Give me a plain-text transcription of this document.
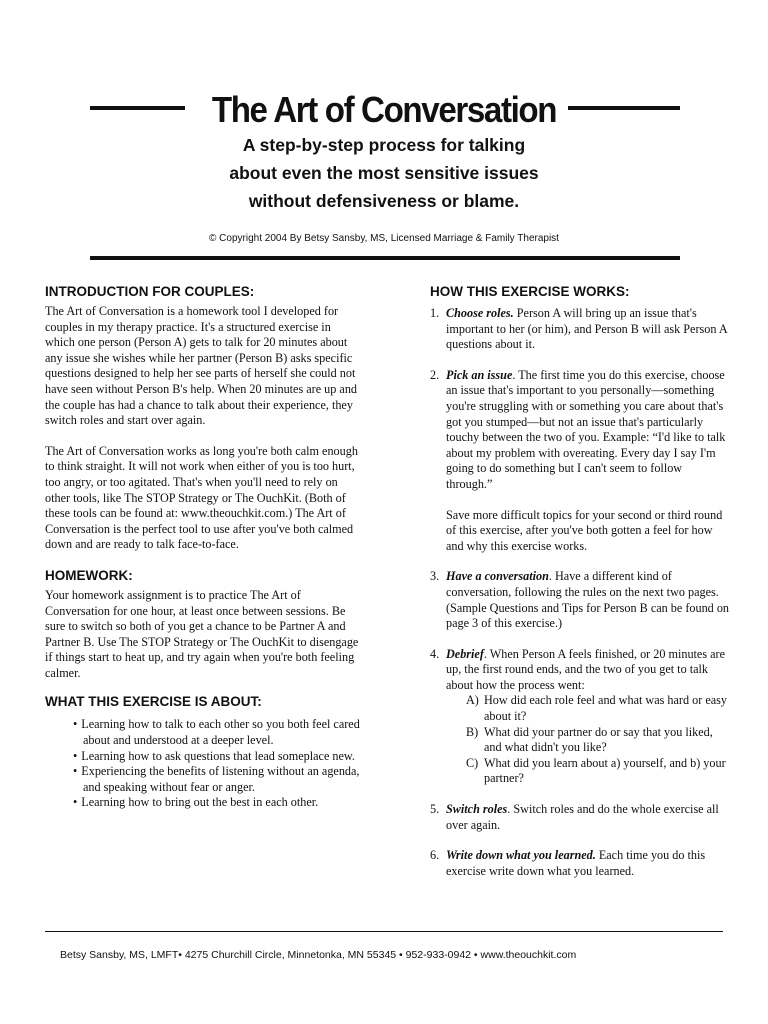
The Art of Conversation
A step-by-step process for talking
about even the most sensitive issues
without defensiveness or blame.
© Copyright 2004 By Betsy Sansby, MS, Licensed Marriage & Family Therapist
INTRODUCTION FOR COUPLES:

The Art of Conversation is a homework tool I developed for couples in my therapy practice. It's a structured exercise in which one person (Person A) gets to talk for 20 minutes about any issue she wishes while her partner (Person B) asks specific questions designed to help her see parts of herself she could not have seen without Person B's help. When 20 minutes are up and the couple has had a chance to talk about their experience, they switch roles and start over again.

The Art of Conversation works as long you're both calm enough to think straight. It will not work when either of you is too hurt, too angry, or too agitated. That's when you'll need to rely on other tools, like The STOP Strategy or The OuchKit. (Both of these tools can be found at: www.theouchkit.com.) The Art of Conversation is the perfect tool to use after you've both calmed down and are ready to talk face-to-face.

HOMEWORK:

Your homework assignment is to practice The Art of Conversation for one hour, at least once between sessions. Be sure to switch so both of you get a chance to be Partner A and Partner B. Use The STOP Strategy or The OuchKit to disengage if things start to heat up, and try again when you're both feeling calmer.

WHAT THIS EXERCISE IS ABOUT:
• Learning how to talk to each other so you both feel cared about and understood at a deeper level.
• Learning how to ask questions that lead someplace new.
• Experiencing the benefits of listening without an agenda, and speaking without fear or anger.
• Learning how to bring out the best in each other.
HOW THIS EXERCISE WORKS:
1. Choose roles. Person A will bring up an issue that's important to her (or him), and Person B will ask Person A questions about it.
2. Pick an issue. The first time you do this exercise, choose an issue that's important to you personally—something you're struggling with or something you care about that's got you stumped—but not an issue that's particularly touchy between the two of you. Example: “I'd like to talk about my problem with overeating. Every day I say I'm going to do something but I can't seem to follow through.”
Save more difficult topics for your second or third round of this exercise, after you've both gotten a feel for how and why this exercise works.
3. Have a conversation. Have a different kind of conversation, following the rules on the next two pages. (Sample Questions and Tips for Person B can be found on page 3 of this exercise.)
4. Debrief. When Person A feels finished, or 20 minutes are up, the first round ends, and the two of you get to talk about how the process went:
A) How did each role feel and what was hard or easy about it?
B) What did your partner do or say that you liked, and what didn't you like?
C) What did you learn about a) yourself, and b) your partner?
5. Switch roles. Switch roles and do the whole exercise all over again.
6. Write down what you learned. Each time you do this exercise write down what you learned.
Betsy Sansby, MS, LMFT• 4275 Churchill Circle, Minnetonka, MN 55345 • 952-933-0942 • www.theouchkit.com
